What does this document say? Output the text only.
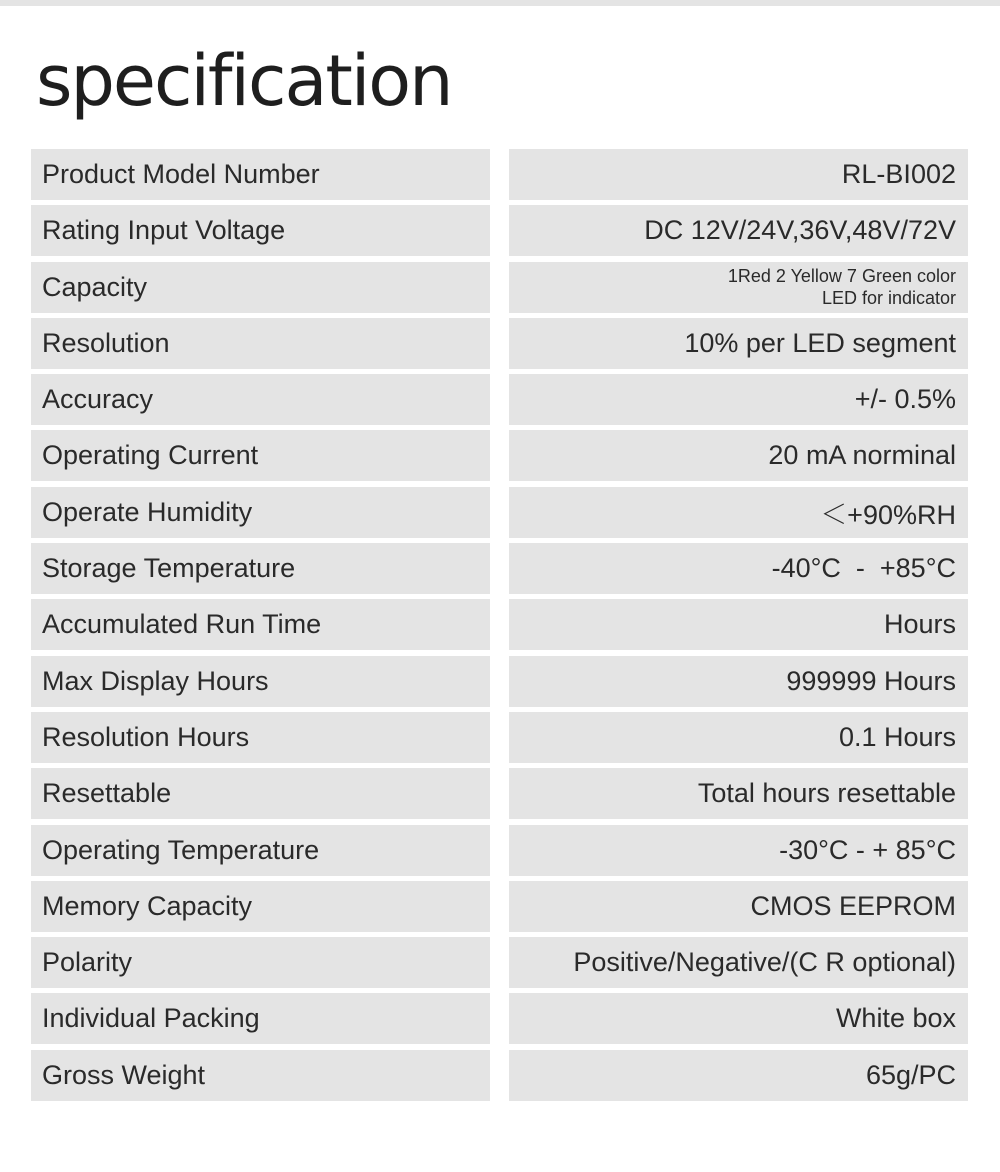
specification
Product Model Number	RL-BI002
Rating Input Voltage	DC 12V/24V,36V,48V/72V
Capacity	1Red 2 Yellow 7 Green color
LED for indicator
Resolution	10% per LED segment
Accuracy	+/- 0.5%
Operating Current	20 mA norminal
Operate Humidity	＜+90%RH
Storage Temperature	-40°C  -  +85°C
Accumulated Run Time	Hours
Max Display Hours	999999 Hours
Resolution Hours	0.1 Hours
Resettable	Total hours resettable
Operating Temperature	-30°C - + 85°C
Memory Capacity	CMOS EEPROM
Polarity	Positive/Negative/(C R optional)
Individual Packing	White box
Gross Weight	65g/PC
